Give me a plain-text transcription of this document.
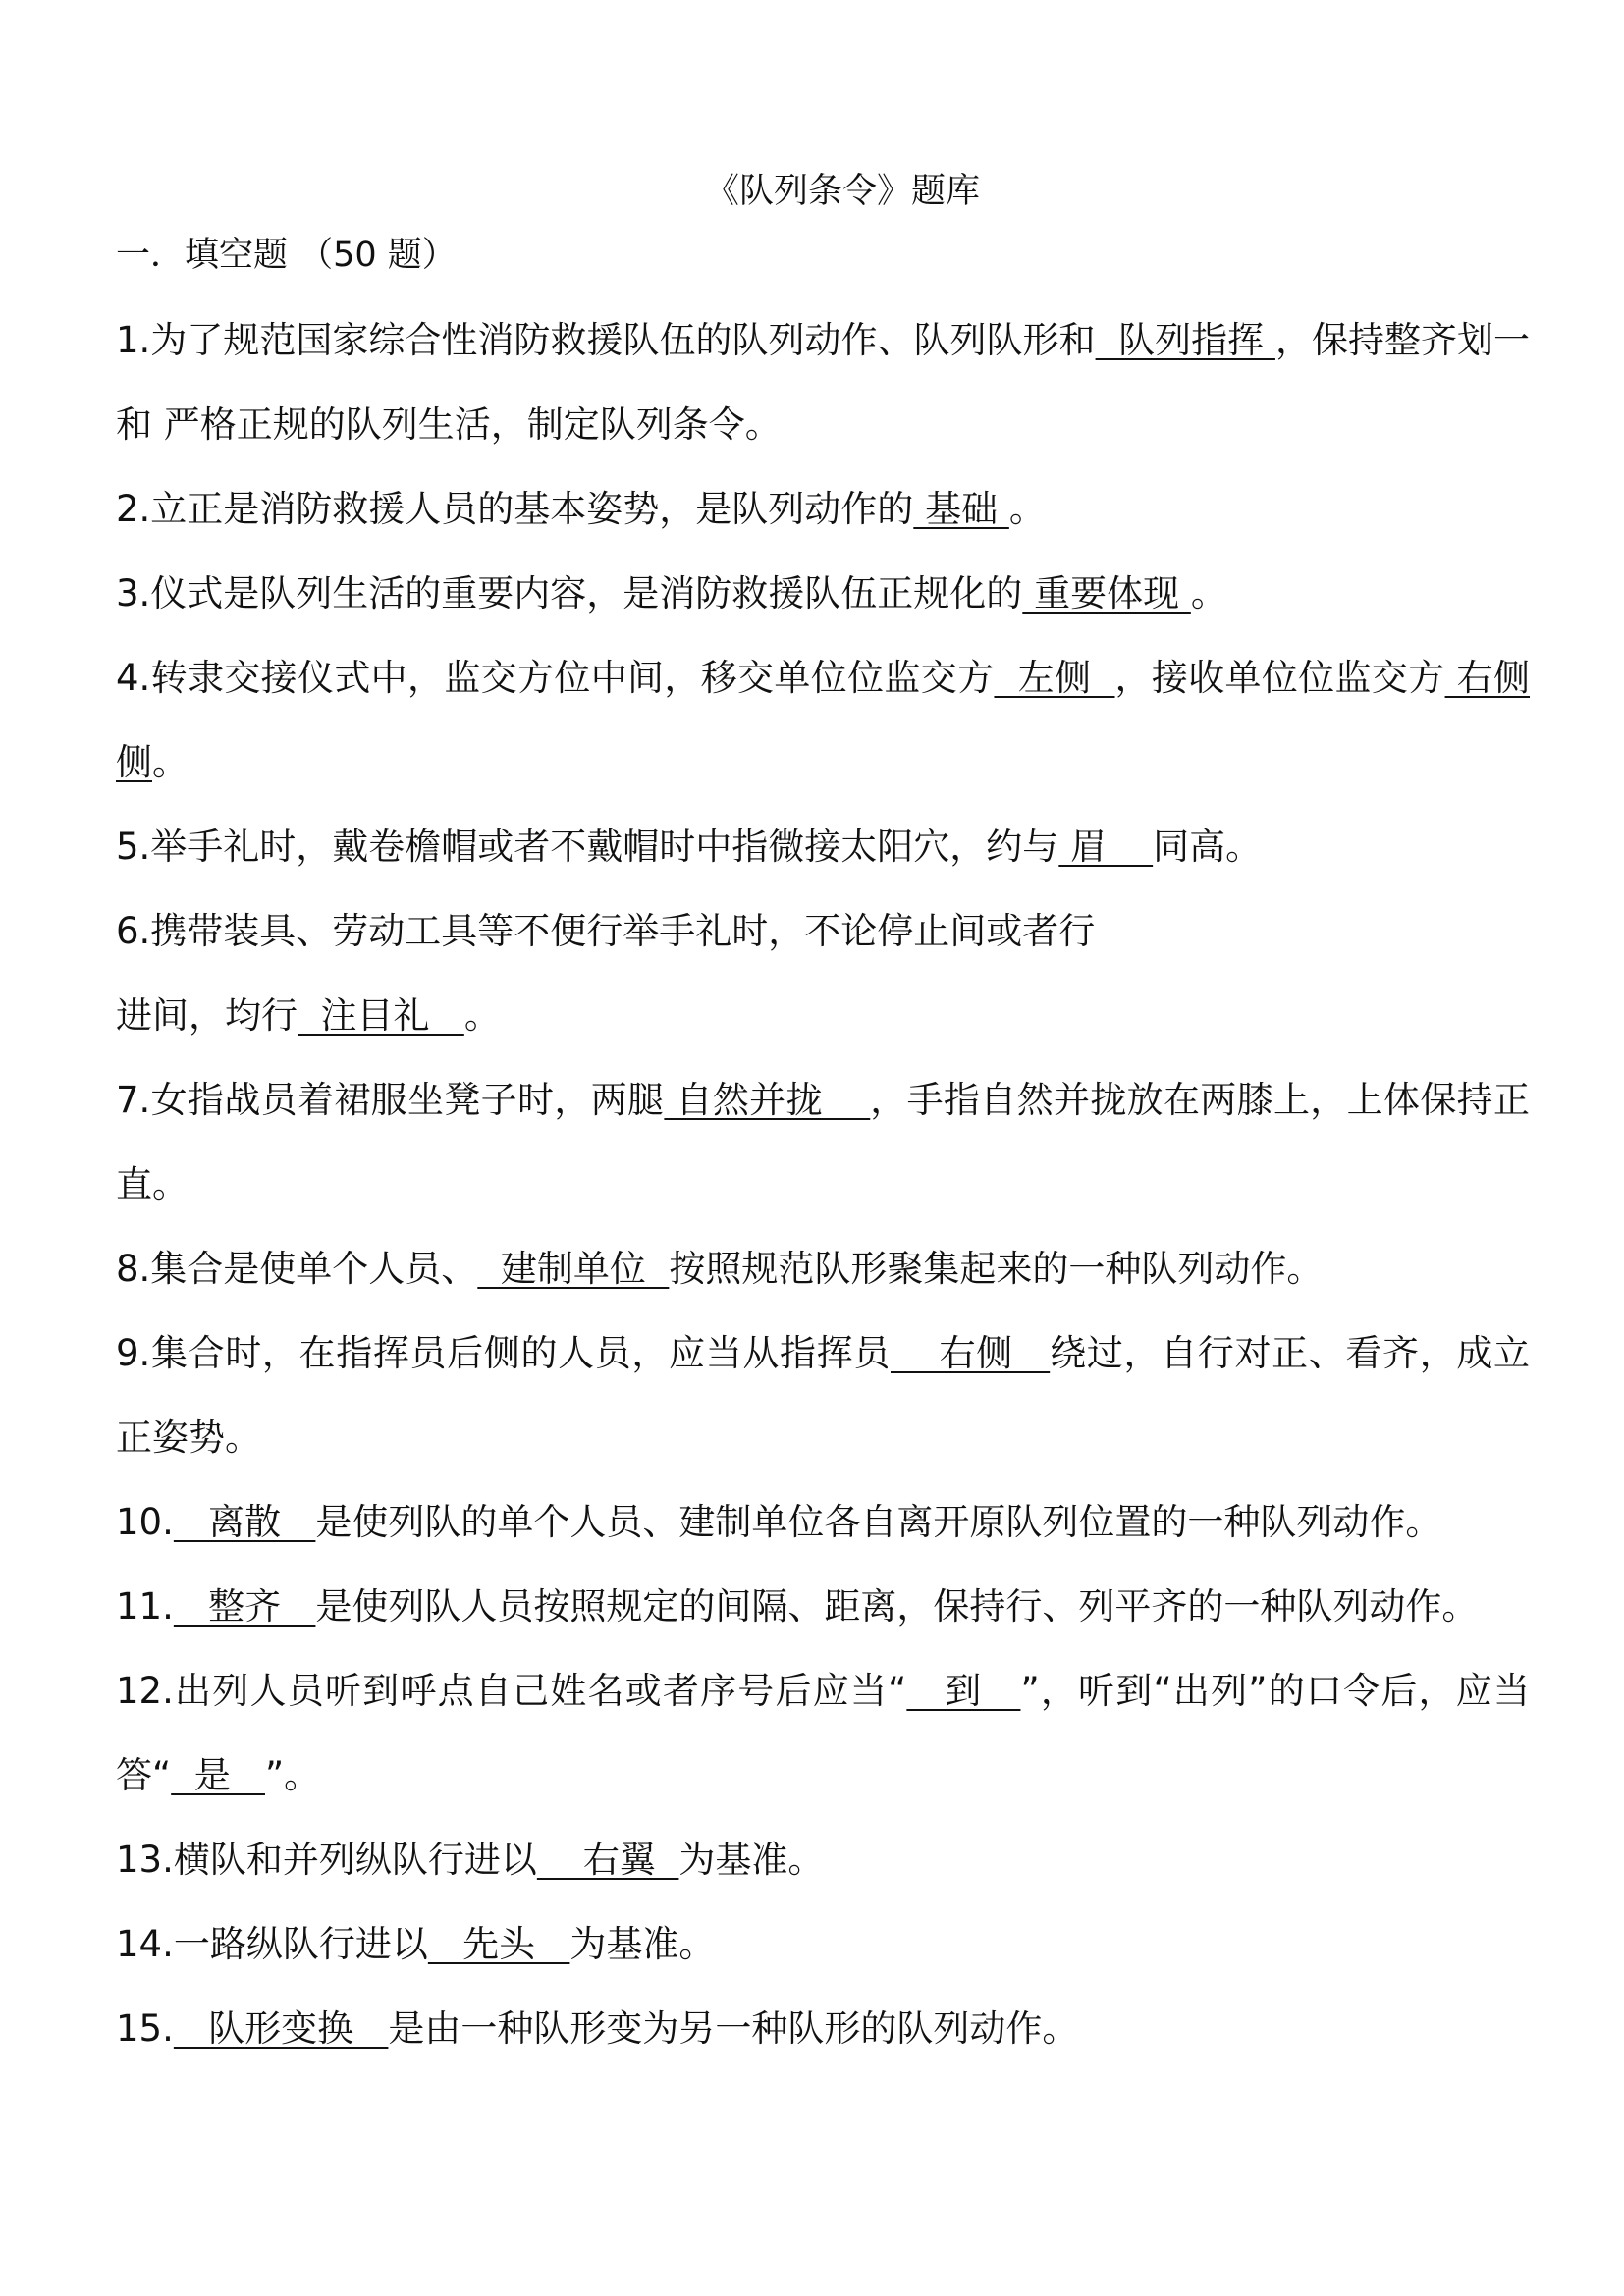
《队列条令》题库

一．填空题 （50 题）

1.为了规范国家综合性消防救援队伍的队列动作、队列队形和  队列指挥 ，保持整齐划一和 严格正规的队列生活，制定队列条令。

2.立正是消防救援人员的基本姿势，是队列动作的 基础 。

3.仪式是队列生活的重要内容，是消防救援队伍正规化的 重要体现 。

4.转隶交接仪式中，监交方位中间，移交单位位监交方  左侧  ，接收单位位监交方 右侧侧。

5.举手礼时，戴卷檐帽或者不戴帽时中指微接太阳穴，约与 眉    同高。

6.携带装具、劳动工具等不便行举手礼时，不论停止间或者行
进间，均行  注目礼   。

7.女指战员着裙服坐凳子时，两腿 自然并拢    ，手指自然并拢放在两膝上，上体保持正直。

8.集合是使单个人员、  建制单位  按照规范队形聚集起来的一种队列动作。

9.集合时，在指挥员后侧的人员，应当从指挥员    右侧   绕过，自行对正、看齐，成立正姿势。

10.   离散   是使列队的单个人员、建制单位各自离开原队列位置的一种队列动作。

11.   整齐   是使列队人员按照规定的间隔、距离，保持行、列平齐的一种队列动作。

12.出列人员听到呼点自己姓名或者序号后应当“   到   ”，听到“出列”的口令后，应当答“  是   ”。

13.横队和并列纵队行进以    右翼  为基准。

14.一路纵队行进以   先头   为基准。

15.   队形变换   是由一种队形变为另一种队形的队列动作。
